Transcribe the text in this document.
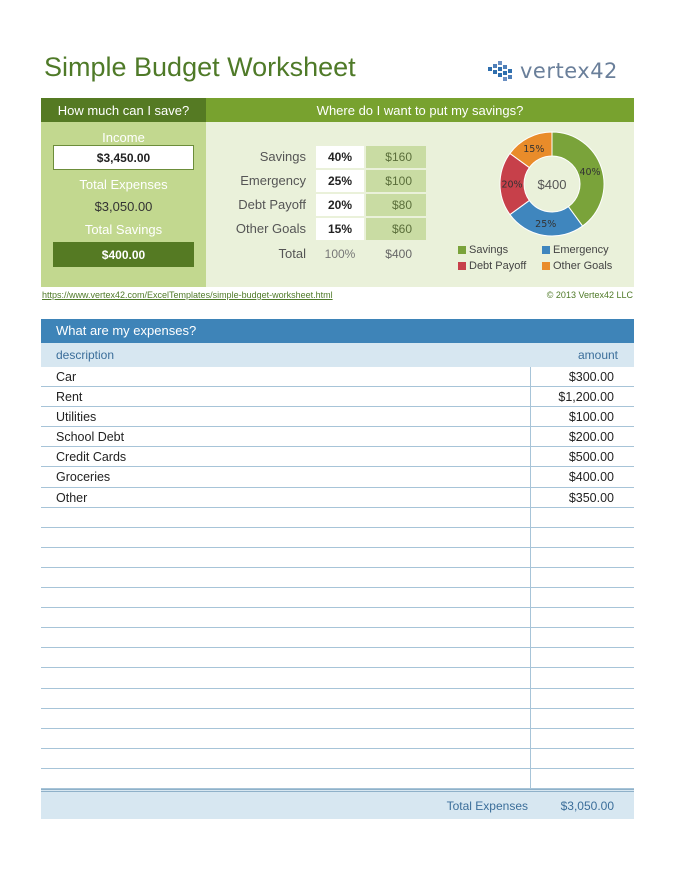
Simple Budget Worksheet	vertex42
How much can I save?	Where do I want to put my savings?
Income
$3,450.00
Total Expenses
$3,050.00
Total Savings
$400.00
Savings	40%	$160
Emergency	25%	$100
Debt Payoff	20%	$80
Other Goals	15%	$60
Total	100%	$400
40%
25%
20%
15%
$400
Savings	Emergency
Debt Payoff Other Goals
https://www.vertex42.com/ExcelTemplates/simple-budget-worksheet.html	© 2013 Vertex42 LLC
What are my expenses?
description	amount
Car	$300.00
Rent	$1,200.00
Utilities	$100.00
School Debt	$200.00
Credit Cards	$500.00
Groceries	$400.00
Other	$350.00
Total Expenses	$3,050.00
